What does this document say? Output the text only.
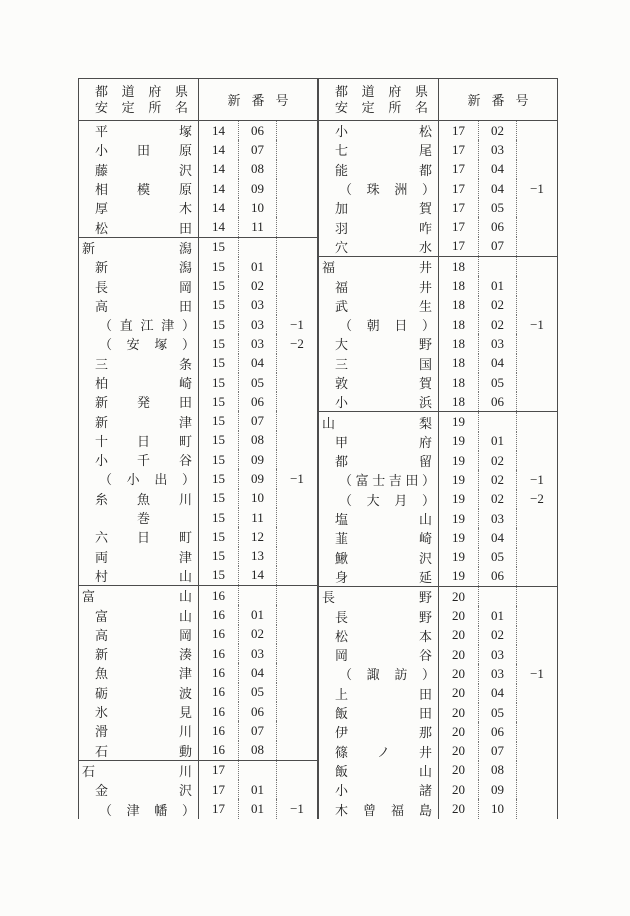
都 道 府 県
安 定 所 名	新 番 号
平	塚	14	06
小 田 原	14	07
藤	沢	14	08
相 模 原	14	09
厚	木	14	10
松	田	14	11
新	潟	15
新	潟	15	01
長	岡	15	02
高	田	15	03
（ 直 江 津 ）	15	03	−1
（ 安 塚 ）	15	03	−2
三	条	15	04
柏	崎	15	05
新 発 田	15	06
新	津	15	07
十 日 町	15	08
小 千 谷	15	09
（ 小 出 ）	15	09	−1
糸 魚 川	15	10
巻	15	11
六 日 町	15	12
両	津	15	13
村	山	15	14
富	山	16
富	山	16	01
高	岡	16	02
新	湊	16	03
魚	津	16	04
砺	波	16	05
氷	見	16	06
滑	川	16	07
石	動	16	08
石	川	17
金	沢	17	01
（ 津 幡 ）	17	01	−1
都 道 府 県
安 定 所 名	新 番 号
小	松	17	02
七	尾	17	03
能	都	17	04
（ 珠 洲 ）	17	04	−1
加	賀	17	05
羽	咋	17	06
穴	水	17	07
福	井	18
福	井	18	01
武	生	18	02
（ 朝 日 ）	18	02	−1
大	野	18	03
三	国	18	04
敦	賀	18	05
小	浜	18	06
山	梨	19
甲	府	19	01
都	留	19	02
（ 富 士 吉 田 ）	19	02	−1
（ 大 月 ）	19	02	−2
塩	山	19	03
韮	崎	19	04
鰍	沢	19	05
身	延	19	06
長	野	20
長	野	20	01
松	本	20	02
岡	谷	20	03
（ 諏 訪 ）	20	03	−1
上	田	20	04
飯	田	20	05
伊	那	20	06
篠 ノ 井	20	07
飯	山	20	08
小	諸	20	09
木 曾 福 島	20	10
